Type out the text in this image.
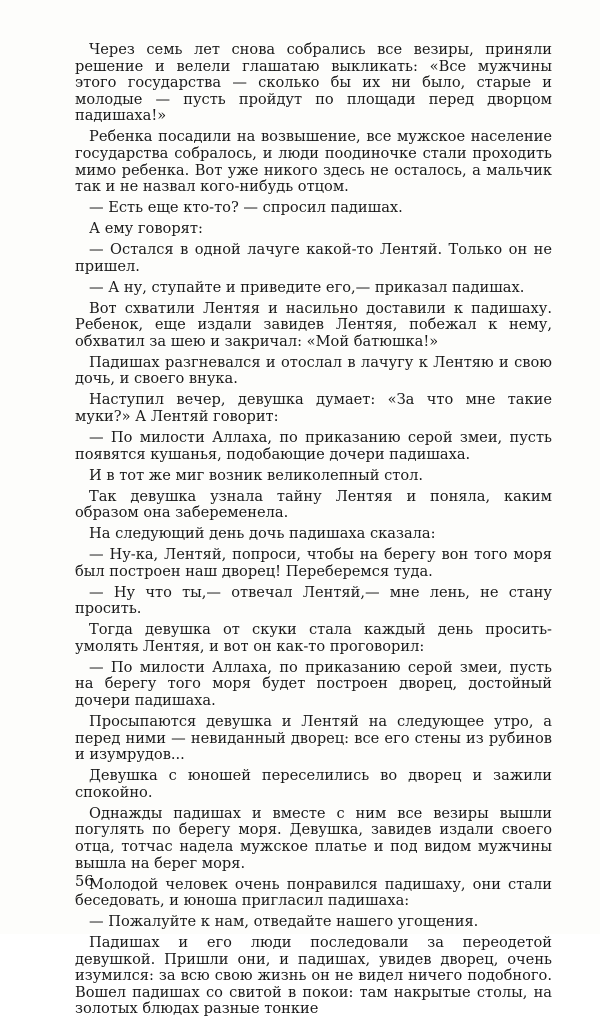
Через семь лет снова собрались все везиры, приняли решение и велели глашатаю выкликать: «Все мужчины этого государства — сколько бы их ни было, старые и молодые — пусть пройдут по площади перед дворцом падишаха!»

Ребенка посадили на возвышение, все мужское население государства собралось, и люди поодиночке стали проходить мимо ребенка. Вот уже никого здесь не осталось, а мальчик так и не назвал кого-нибудь отцом.

— Есть еще кто-то? — спросил падишах.

А ему говорят:

— Остался в одной лачуге какой-то Лентяй. Только он не пришел.

— А ну, ступайте и приведите его,— приказал падишах.

Вот схватили Лентяя и насильно доставили к падишаху. Ребенок, еще издали завидев Лентяя, побежал к нему, обхватил за шею и закричал: «Мой батюшка!»

Падишах разгневался и отослал в лачугу к Лентяю и свою дочь, и своего внука.

Наступил вечер, девушка думает: «За что мне такие муки?» А Лентяй говорит:

— По милости Аллаха, по приказанию серой змеи, пусть появятся кушанья, подобающие дочери падишаха.

И в тот же миг возник великолепный стол.

Так девушка узнала тайну Лентяя и поняла, каким образом она забеременела.

На следующий день дочь падишаха сказала:

— Ну-ка, Лентяй, попроси, чтобы на берегу вон того моря был построен наш дворец! Переберемся туда.

— Ну что ты,— отвечал Лентяй,— мне лень, не стану просить.

Тогда девушка от скуки стала каждый день просить-умолять Лентяя, и вот он как-то проговорил:

— По милости Аллаха, по приказанию серой змеи, пусть на берегу того моря будет построен дворец, достойный дочери падишаха.

Просыпаются девушка и Лентяй на следующее утро, а перед ними — невиданный дворец: все его стены из рубинов и изумрудов...

Девушка с юношей переселились во дворец и зажили спокойно.

Однажды падишах и вместе с ним все везиры вышли погулять по берегу моря. Девушка, завидев издали своего отца, тотчас надела мужское платье и под видом мужчины вышла на берег моря.

Молодой человек очень понравился падишаху, они стали беседовать, и юноша пригласил падишаха:

— Пожалуйте к нам, отведайте нашего угощения.

Падишах и его люди последовали за переодетой девушкой. Пришли они, и падишах, увидев дворец, очень изумился: за всю свою жизнь он не видел ничего подобного. Вошел падишах со свитой в покои: там накрытые столы, на золотых блюдах разные тонкие

56
